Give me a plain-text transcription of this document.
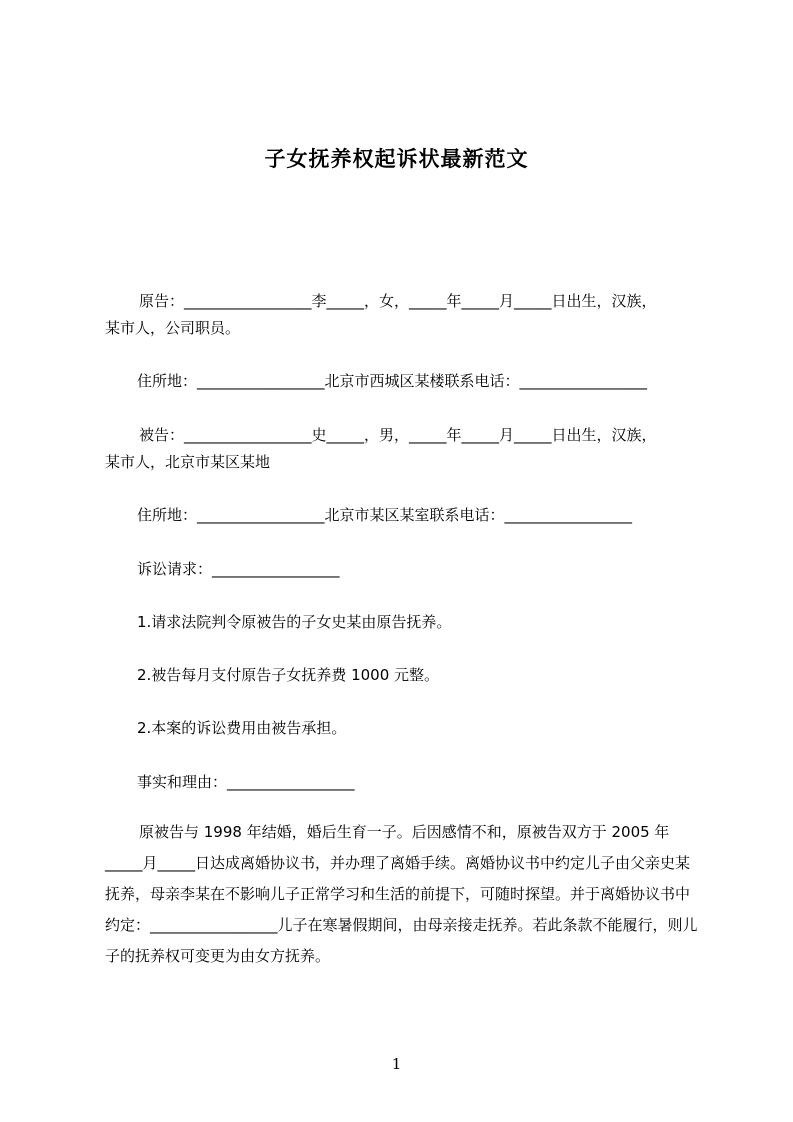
子女抚养权起诉状最新范文
原告：_________________李_____，女，_____年_____月_____日出生，汉族，
某市人，公司职员。
住所地：_________________北京市西城区某楼联系电话：_________________
被告：_________________史_____，男，_____年_____月_____日出生，汉族，
某市人，北京市某区某地
住所地：_________________北京市某区某室联系电话：_________________
诉讼请求：_________________
1.请求法院判令原被告的子女史某由原告抚养。
2.被告每月支付原告子女抚养费 1000 元整。
2.本案的诉讼费用由被告承担。
事实和理由：_________________
原被告与 1998 年结婚，婚后生育一子。后因感情不和，原被告双方于 2005 年_____月_____日达成离婚协议书，并办理了离婚手续。离婚协议书中约定儿子由父亲史某抚养，母亲李某在不影响儿子正常学习和生活的前提下，可随时探望。并于离婚协议书中约定：_________________儿子在寒暑假期间，由母亲接走抚养。若此条款不能履行，则儿子的抚养权可变更为由女方抚养。
1
